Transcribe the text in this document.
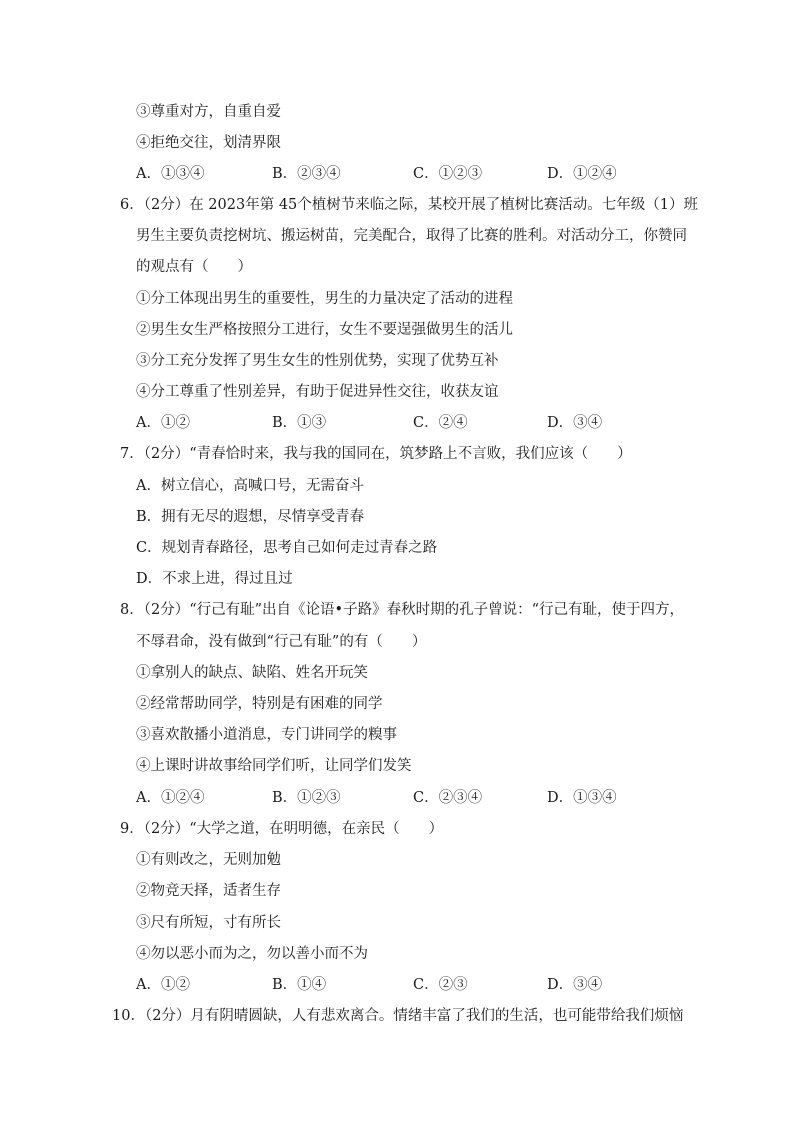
③尊重对方，自重自爱
④拒绝交往，划清界限
A．①③④	B．②③④	C．①②③	D．①②④
6．（2分）在 2023年第 45个植树节来临之际，某校开展了植树比赛活动。七年级（1）班
男生主要负责挖树坑、搬运树苗，完美配合，取得了比赛的胜利。对活动分工，你赞同
的观点有（　　）
①分工体现出男生的重要性，男生的力量决定了活动的进程
②男生女生严格按照分工进行，女生不要逞强做男生的活儿
③分工充分发挥了男生女生的性别优势，实现了优势互补
④分工尊重了性别差异，有助于促进异性交往，收获友谊
A．①②	B．①③	C．②④	D．③④
7．（2分）“青春恰时来，我与我的国同在，筑梦路上不言败，我们应该（　　）
A．树立信心，高喊口号，无需奋斗
B．拥有无尽的遐想，尽情享受青春
C．规划青春路径，思考自己如何走过青春之路
D．不求上进，得过且过
8．（2分）“行己有耻”出自《论语•子路》春秋时期的孔子曾说：“行己有耻，使于四方，
不辱君命，没有做到“行己有耻”的有（　　）
①拿别人的缺点、缺陷、姓名开玩笑
②经常帮助同学，特别是有困难的同学
③喜欢散播小道消息，专门讲同学的糗事
④上课时讲故事给同学们听，让同学们发笑
A．①②④	B．①②③	C．②③④	D．①③④
9．（2分）“大学之道，在明明德，在亲民（　　）
①有则改之，无则加勉
②物竞天择，适者生存
③尺有所短，寸有所长
④勿以恶小而为之，勿以善小而不为
A．①②	B．①④	C．②③	D．③④
10．（2分）月有阴晴圆缺，人有悲欢离合。情绪丰富了我们的生活，也可能带给我们烦恼
